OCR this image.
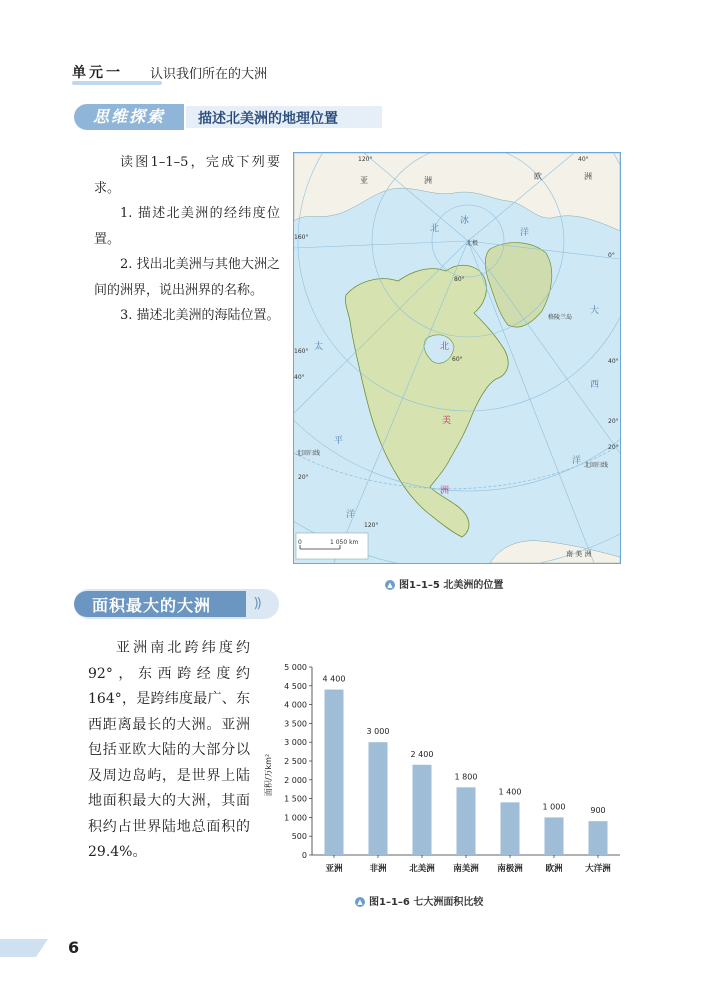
单元一 认识我们所在的大洲
思维探索	描述北美洲的地理位置

读图1–1–5，完成下列要求。

1. 描述北美洲的经纬度位置。

2. 找出北美洲与其他大洲之间的洲界，说出洲界的名称。

3. 描述北美洲的海陆位置。

亚	洲	欧	洲
北极
格陵兰岛
南 美 洲
北回归线
北回归线
北
冰
洋
大
西
洋
太
平
洋
北
美
洲
120°
160°
40°
0°
160°
40°
20°
120°
80°
60°	40°
20°
20°
0	1 050 km
▲ 图1–1–5 北美洲的位置
面积最大的大洲	⸩

亚洲南北跨纬度约92°，东西跨经度约164°，是跨纬度最广、东西距离最长的大洲。亚洲包括亚欧大陆的大部分以及周边岛屿，是世界上陆地面积最大的大洲，其面积约占世界陆地总面积的29.4%。

面积/万km²
0
500
1 000
1 500
2 000
2 500
3 000
3 500
4 000
4 500
5 000
4 400
亚洲
3 000
非洲
2 400
北美洲
1 800
南美洲
1 400
南极洲
1 000
欧洲
900
大洋洲
▲ 图1–1–6 七大洲面积比较
6
